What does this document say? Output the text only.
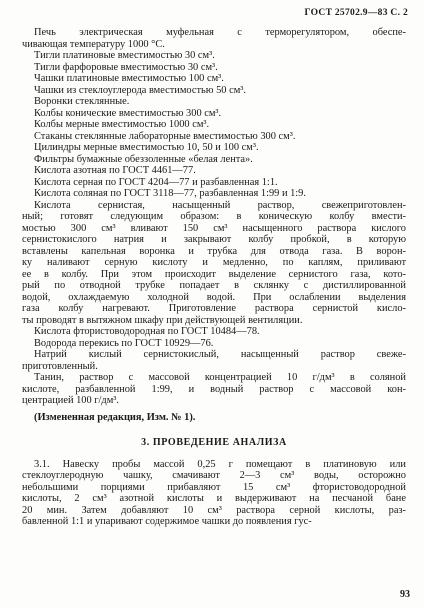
ГОСТ 25702.9—83 С. 2
Печь электрическая муфельная с терморегулятором, обеспе-
чивающая температуру 1000 °С.
Тигли платиновые вместимостью 30 см³.
Тигли фарфоровые вместимостью 30 см³.
Чашки платиновые вместимостью 100 см³.
Чашки из стеклоуглерода вместимостью 50 см³.
Воронки стеклянные.
Колбы конические вместимостью 300 см³.
Колбы мерные вместимостью 1000 см³.
Стаканы стеклянные лабораторные вместимостью 300 см³.
Цилиндры мерные вместимостью 10, 50 и 100 см³.
Фильтры бумажные обеззоленные «белая лента».
Кислота азотная по ГОСТ 4461—77.
Кислота серная по ГОСТ 4204—77 и разбавленная 1:1.
Кислота соляная по ГОСТ 3118—77, разбавленная 1:99 и 1:9.
Кислота сернистая, насыщенный раствор, свежеприготовлен-
ный; готовят следующим образом: в коническую колбу вмести-
мостью 300 см³ вливают 150 см³ насыщенного раствора кислого
сернистокислого натрия и закрывают колбу пробкой, в которую
вставлены капельная воронка и трубка для отвода газа. В ворон-
ку наливают серную кислоту и медленно, по каплям, приливают
ее в колбу. При этом происходит выделение сернистого газа, кото-
рый по отводной трубке попадает в склянку с дистиллированной
водой, охлаждаемую холодной водой. При ослаблении выделения
газа колбу нагревают. Приготовление раствора сернистой кисло-
ты проводят в вытяжном шкафу при действующей вентиляции.
Кислота фтористоводородная по ГОСТ 10484—78.
Водорода перекись по ГОСТ 10929—76.
Натрий кислый сернистокислый, насыщенный раствор свеже-
приготовленный.
Танин, раствор с массовой концентрацией 10 г/дм³ в соляной
кислоте, разбавленной 1:99, и водный раствор с массовой кон-
центрацией 100 г/дм³.
(Измененная редакция, Изм. № 1).
3. ПРОВЕДЕНИЕ АНАЛИЗА
3.1. Навеску пробы массой 0,25 г помещают в платиновую или
стеклоуглеродную чашку, смачивают 2—3 см³ воды, осторожно
небольшими порциями прибавляют 15 см³ фтористоводородной
кислоты, 2 см³ азотной кислоты и выдерживают на песчаной бане
20 мин. Затем добавляют 10 см³ раствора серной кислоты, раз-
бавленной 1:1 и упаривают содержимое чашки до появления гус-
93
